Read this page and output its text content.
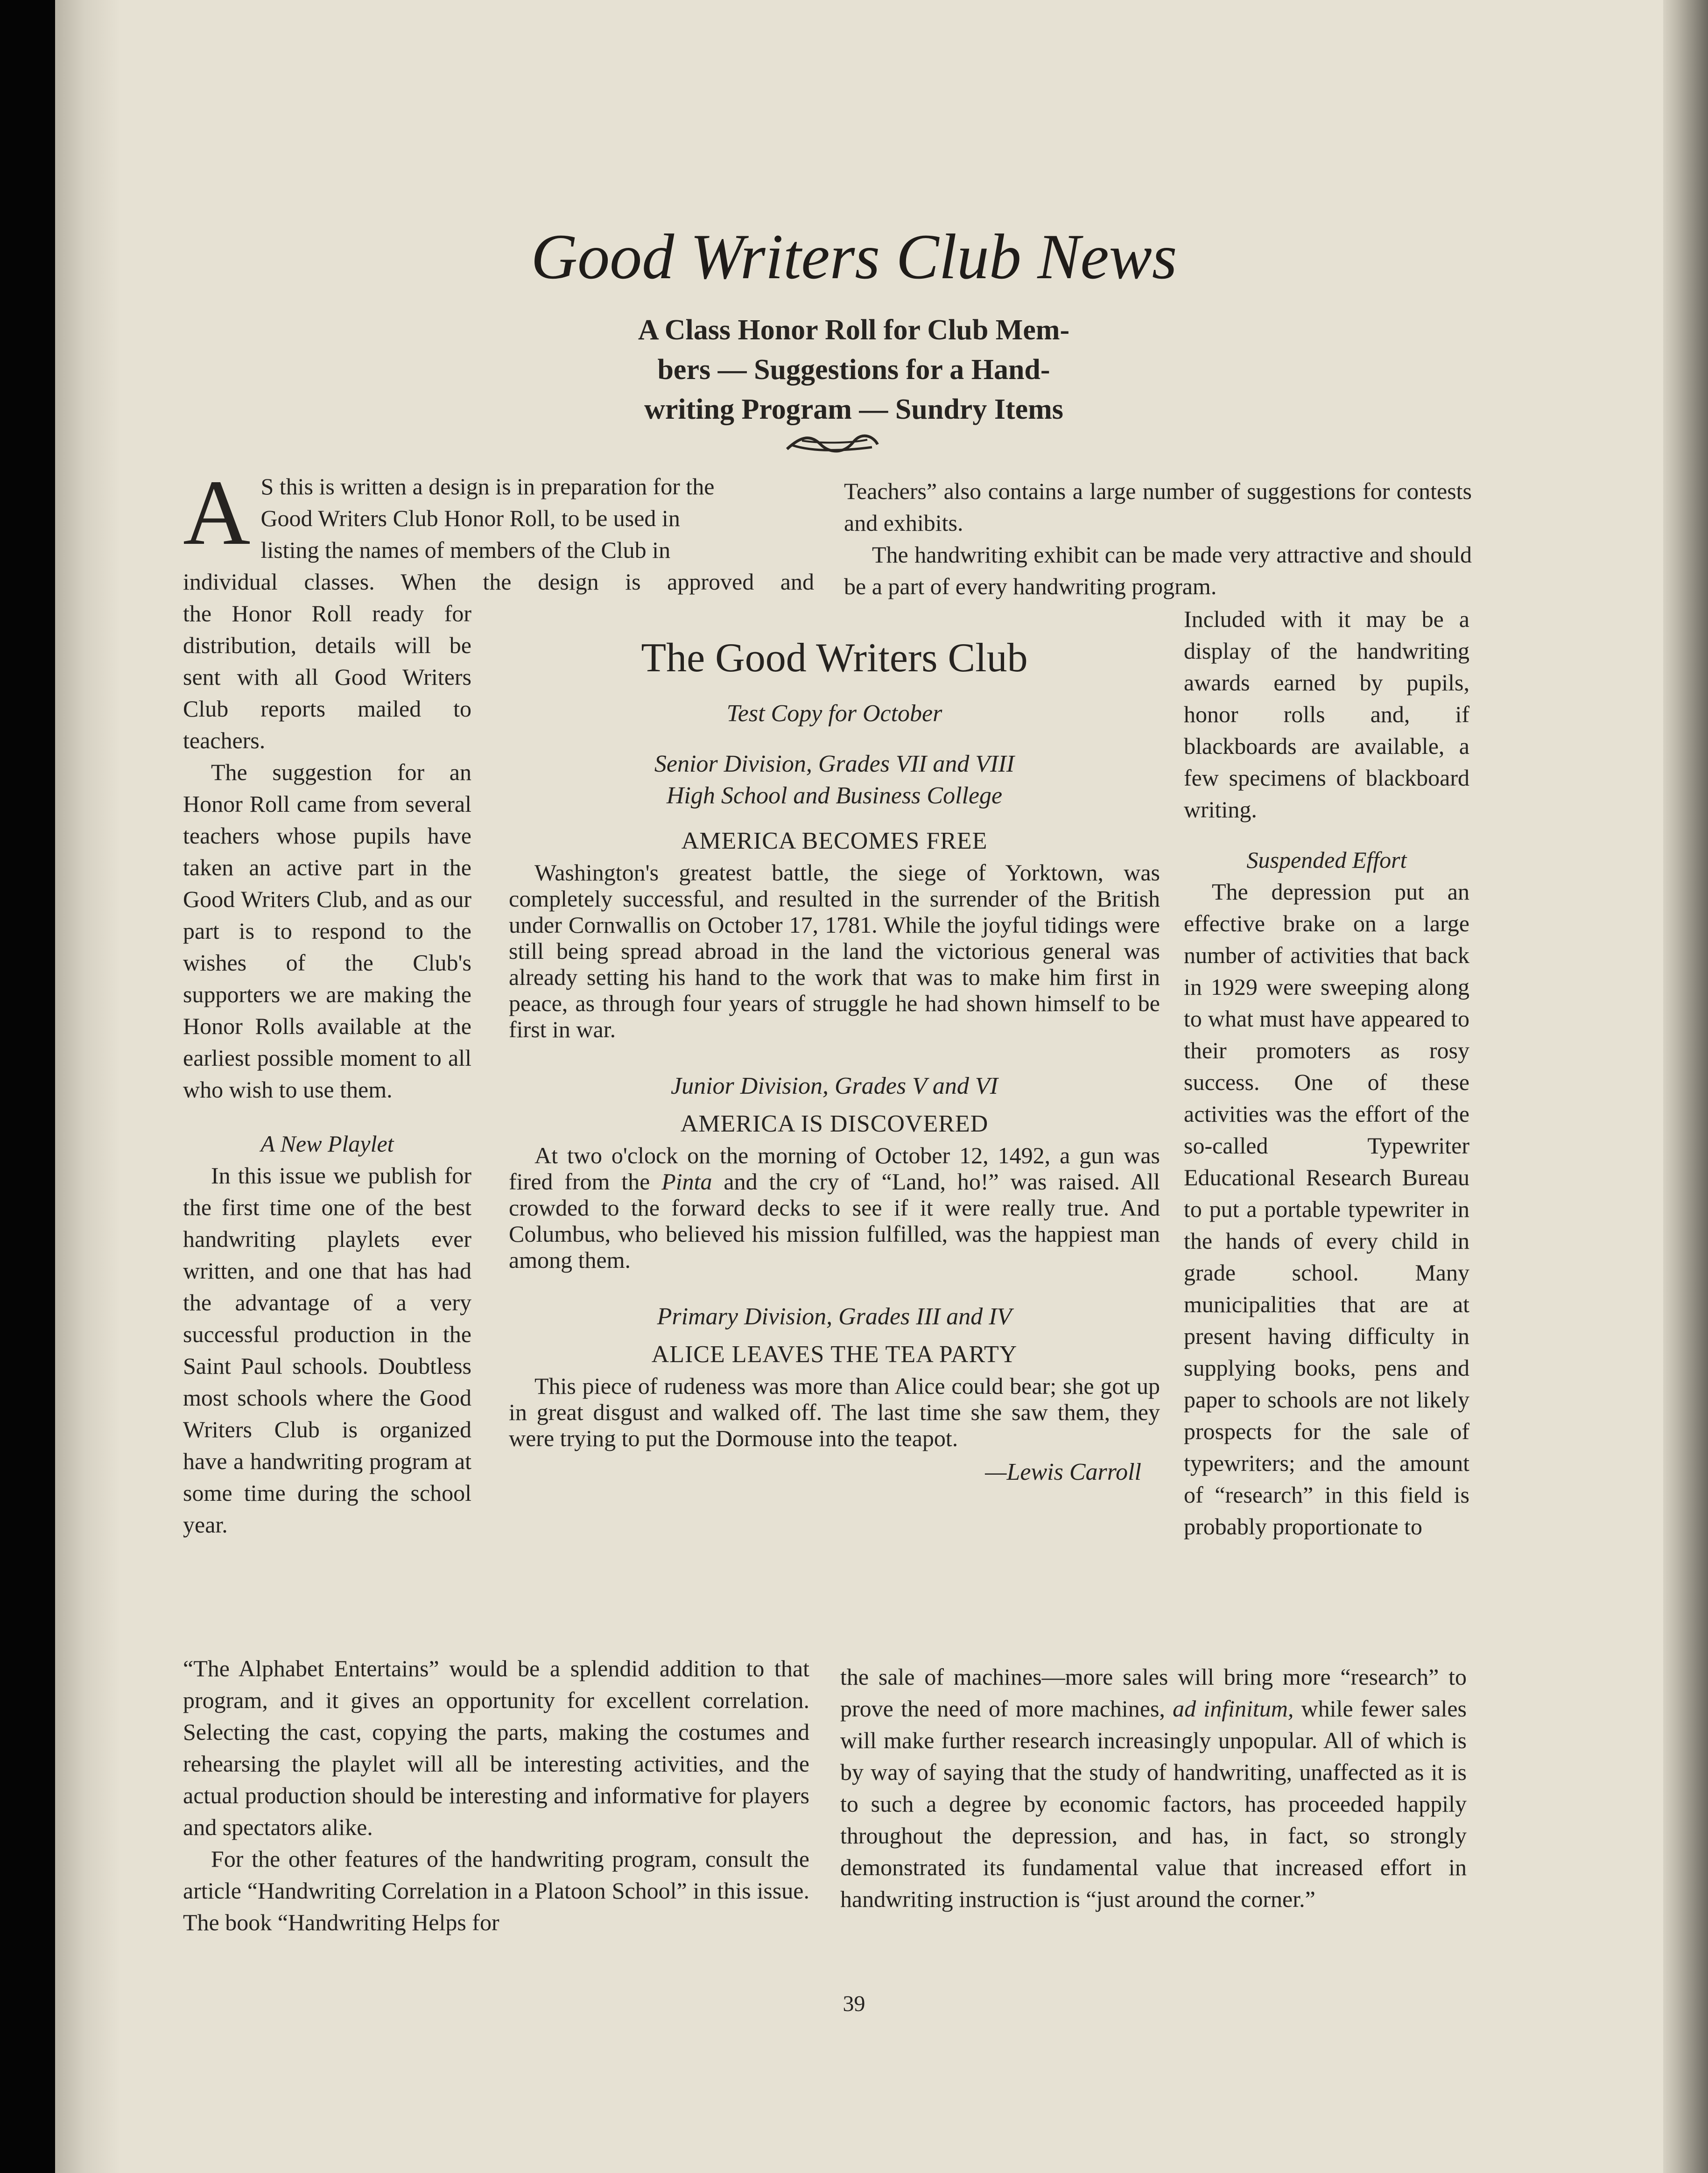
Good Writers Club News
A Class Honor Roll for Club Mem-
bers — Suggestions for a Hand-
writing Program — Sundry Items
A S this is written a design is in preparation for the
Good Writers Club Honor Roll, to be used in
listing the names of members of the Club in
individual classes. When the design is approved and

the Honor Roll ready for distribution, details will be sent with all Good Writers Club reports mailed to teachers.

The suggestion for an Honor Roll came from several teachers whose pupils have taken an active part in the Good Writers Club, and as our part is to respond to the wishes of the Club's supporters we are making the Honor Rolls available at the earliest possible moment to all who wish to use them.

A New Playlet

In this issue we publish for the first time one of the best handwriting playlets ever written, and one that has had the advantage of a very successful production in the Saint Paul schools. Doubtless most schools where the Good Writers Club is organized have a handwriting program at some time during the school year.

“The Alphabet Entertains” would be a splendid addition to that program, and it gives an opportunity for excellent correlation. Selecting the cast, copying the parts, making the costumes and rehearsing the playlet will all be interesting activities, and the actual production should be interesting and informative for players and spectators alike.

For the other features of the handwriting program, consult the article “Handwriting Correlation in a Platoon School” in this issue. The book “Handwriting Helps for

Teachers” also contains a large number of suggestions for contests and exhibits.

The handwriting exhibit can be made very attractive and should be a part of every handwriting program.

Included with it may be a display of the handwriting awards earned by pupils, honor rolls and, if blackboards are available, a few specimens of blackboard writing.

Suspended Effort

The depression put an effective brake on a large number of activities that back in 1929 were sweeping along to what must have appeared to their promoters as rosy success. One of these activities was the effort of the so-called Typewriter Educational Research Bureau to put a portable typewriter in the hands of every child in grade school. Many municipalities that are at present having difficulty in supplying books, pens and paper to schools are not likely prospects for the sale of typewriters; and the amount of “research” in this field is probably proportionate to

the sale of machines—more sales will bring more “research” to prove the need of more machines, ad infinitum, while fewer sales will make further research increasingly unpopular. All of which is by way of saying that the study of handwriting, unaffected as it is to such a degree by economic factors, has proceeded happily throughout the depression, and has, in fact, so strongly demonstrated its fundamental value that increased effort in handwriting instruction is “just around the corner.”

The Good Writers Club

Test Copy for October

Senior Division, Grades VII and VIII

High School and Business College

AMERICA BECOMES FREE

Washington's greatest battle, the siege of Yorktown, was completely successful, and resulted in the surrender of the British under Cornwallis on October 17, 1781. While the joyful tidings were still being spread abroad in the land the victorious general was already setting his hand to the work that was to make him first in peace, as through four years of struggle he had shown himself to be first in war.

Junior Division, Grades V and VI

AMERICA IS DISCOVERED

At two o'clock on the morning of October 12, 1492, a gun was fired from the Pinta and the cry of “Land, ho!” was raised. All crowded to the forward decks to see if it were really true. And Columbus, who believed his mission fulfilled, was the happiest man among them.

Primary Division, Grades III and IV

ALICE LEAVES THE TEA PARTY

This piece of rudeness was more than Alice could bear; she got up in great disgust and walked off. The last time she saw them, they were trying to put the Dormouse into the teapot.

—Lewis Carroll

39
